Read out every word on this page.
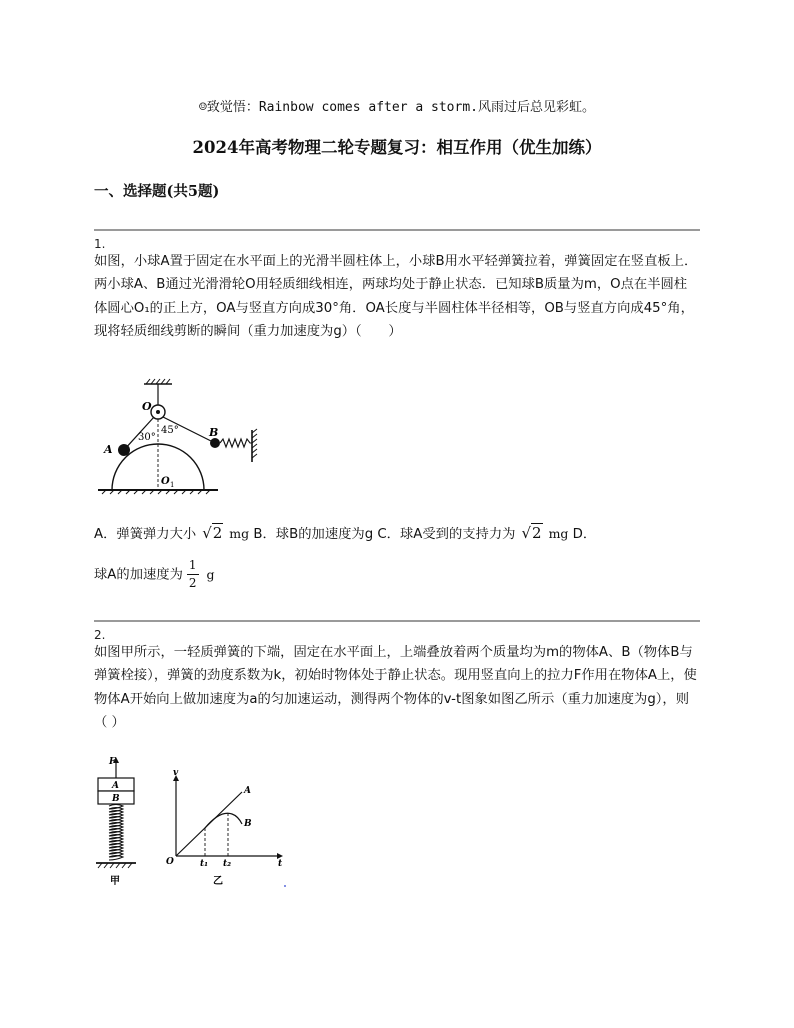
☺致觉悟：Rainbow comes after a storm.风雨过后总见彩虹。
2024年高考物理二轮专题复习：相互作用（优生加练）
一、选择题(共5题)
1.
如图，小球A置于固定在水平面上的光滑半圆柱体上，小球B用水平轻弹簧拉着，弹簧固定在竖直板上．两小球A、B通过光滑滑轮O用轻质细线相连，两球均处于静止状态．已知球B质量为m，O点在半圆柱体圆心O₁的正上方，OA与竖直方向成30°角．OA长度与半圆柱体半径相等，OB与竖直方向成45°角，现将轻质细线剪断的瞬间（重力加速度为g）（　　）
O
A
B
30°
45°
O 1
A．弹簧弹力大小 √2 mg B．球B的加速度为g C．球A受到的支持力为 √2 mg D．
球A的加速度为 $\frac{1}{2}$ g
2.
如图甲所示，一轻质弹簧的下端，固定在水平面上，上端叠放着两个质量均为m的物体A、B（物体B与弹簧栓接），弹簧的劲度系数为k，初始时物体处于静止状态。现用竖直向上的拉力F作用在物体A上，使物体A开始向上做加速度为a的匀加速运动，测得两个物体的v-t图象如图乙所示（重力加速度为g），则（ ）
F
A
B
甲
v
t
O
A
B
t₁ t₂
乙
